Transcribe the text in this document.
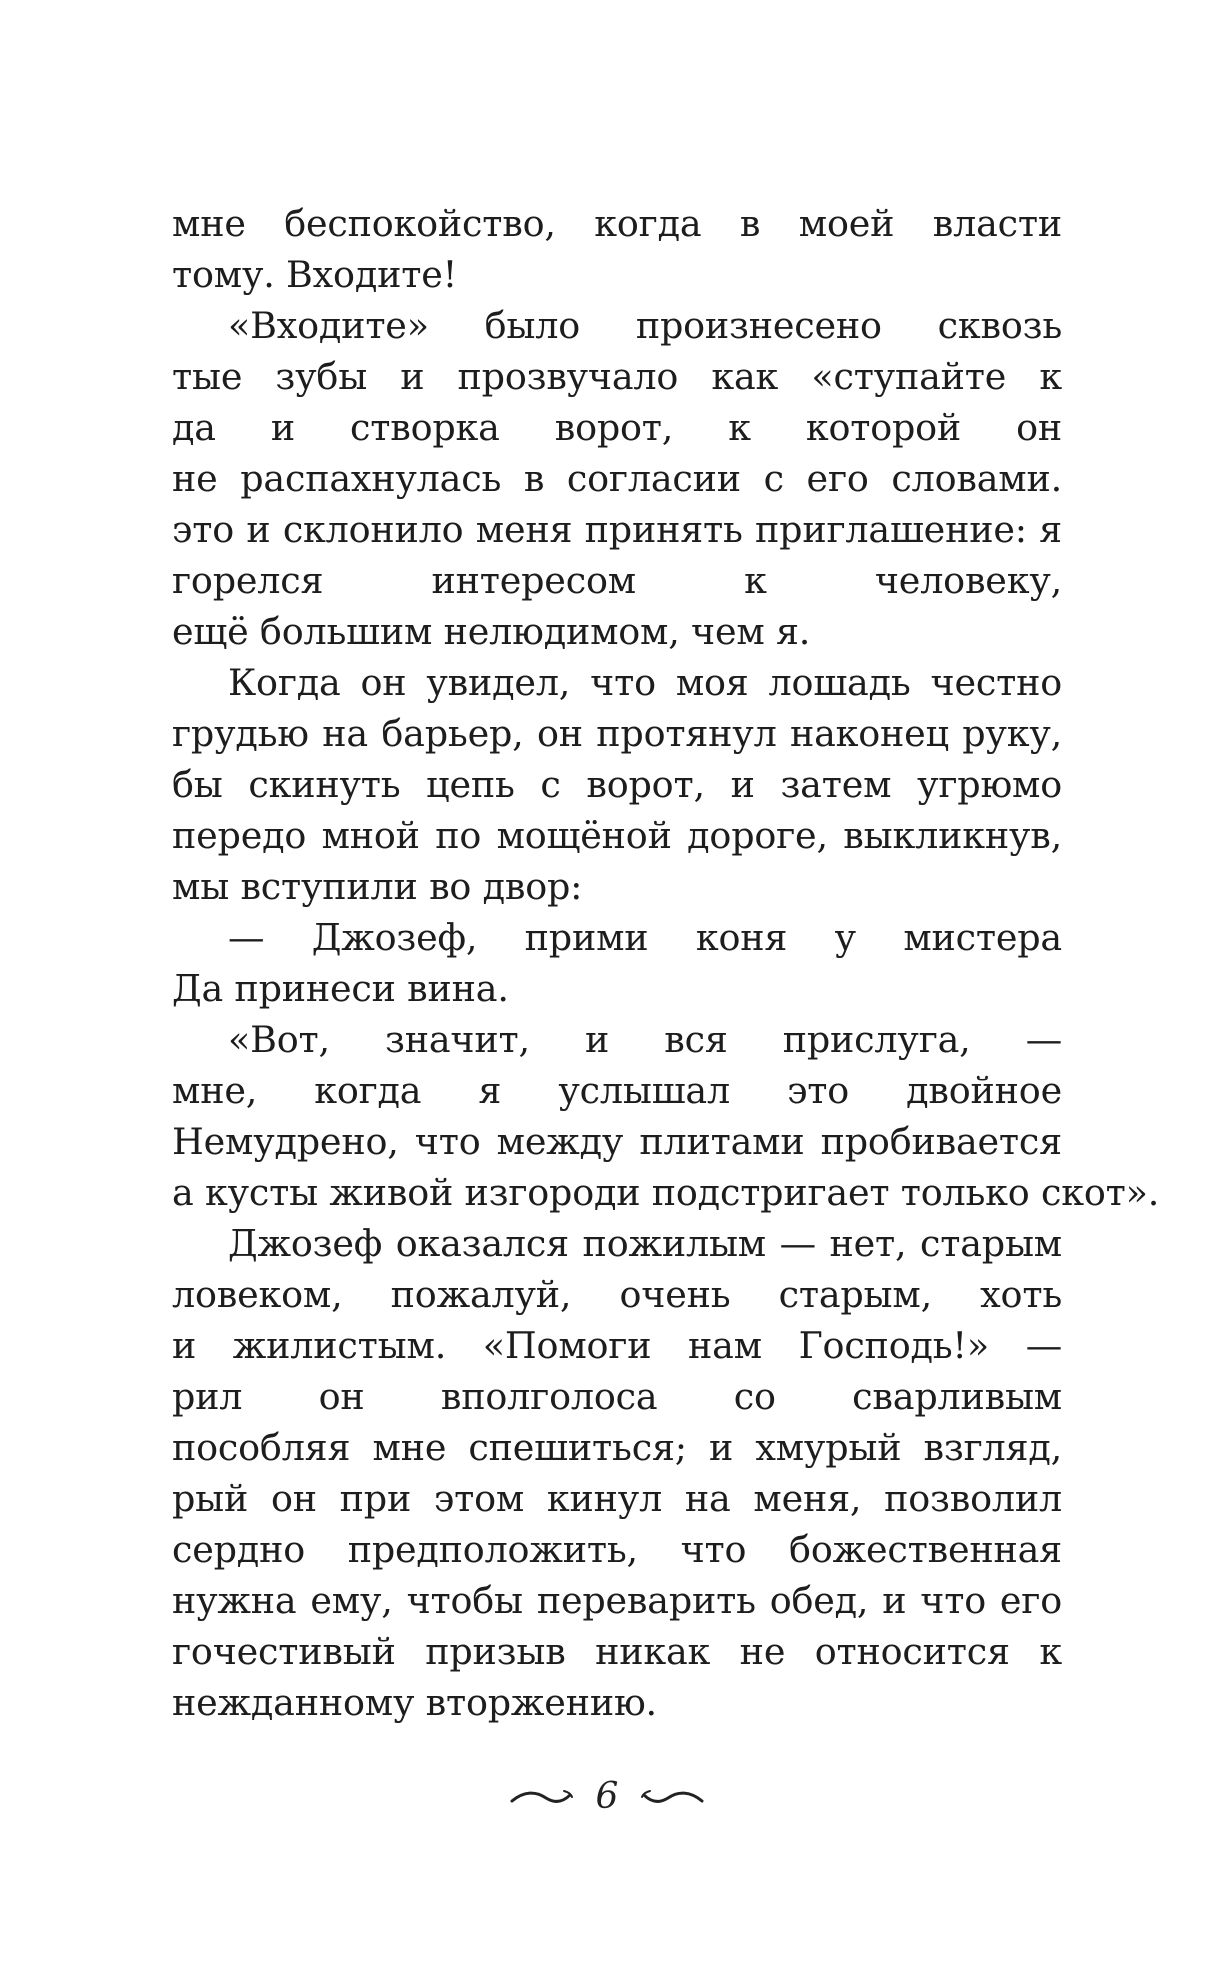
мне беспокойство, когда в моей власти
тому. Входите!
«Входите» было произнесено сквозь
тые зубы и прозвучало как «ступайте к
да и створка ворот, к которой он
не распахнулась в согласии с его словами.
это и склонило меня принять приглашение: я
горелся интересом к человеку,
ещё большим нелюдимом, чем я.
Когда он увидел, что моя лошадь честно
грудью на барьер, он протянул наконец руку,
бы скинуть цепь с ворот, и затем угрюмо
передо мной по мощёной дороге, выкликнув,
мы вступили во двор:
— Джозеф, прими коня у мистера
Да принеси вина.
«Вот, значит, и вся прислуга, —
мне, когда я услышал это двойное
Немудрено, что между плитами пробивается
а кусты живой изгороди подстригает только скот».
Джозеф оказался пожилым — нет, старым
ловеком, пожалуй, очень старым, хоть
и жилистым. «Помоги нам Господь!» —
рил он вполголоса со сварливым
пособляя мне спешиться; и хмурый взгляд,
рый он при этом кинул на меня, позволил
сердно предположить, что божественная
нужна ему, чтобы переварить обед, и что его
гочестивый призыв никак не относится к
нежданному вторжению.
6
